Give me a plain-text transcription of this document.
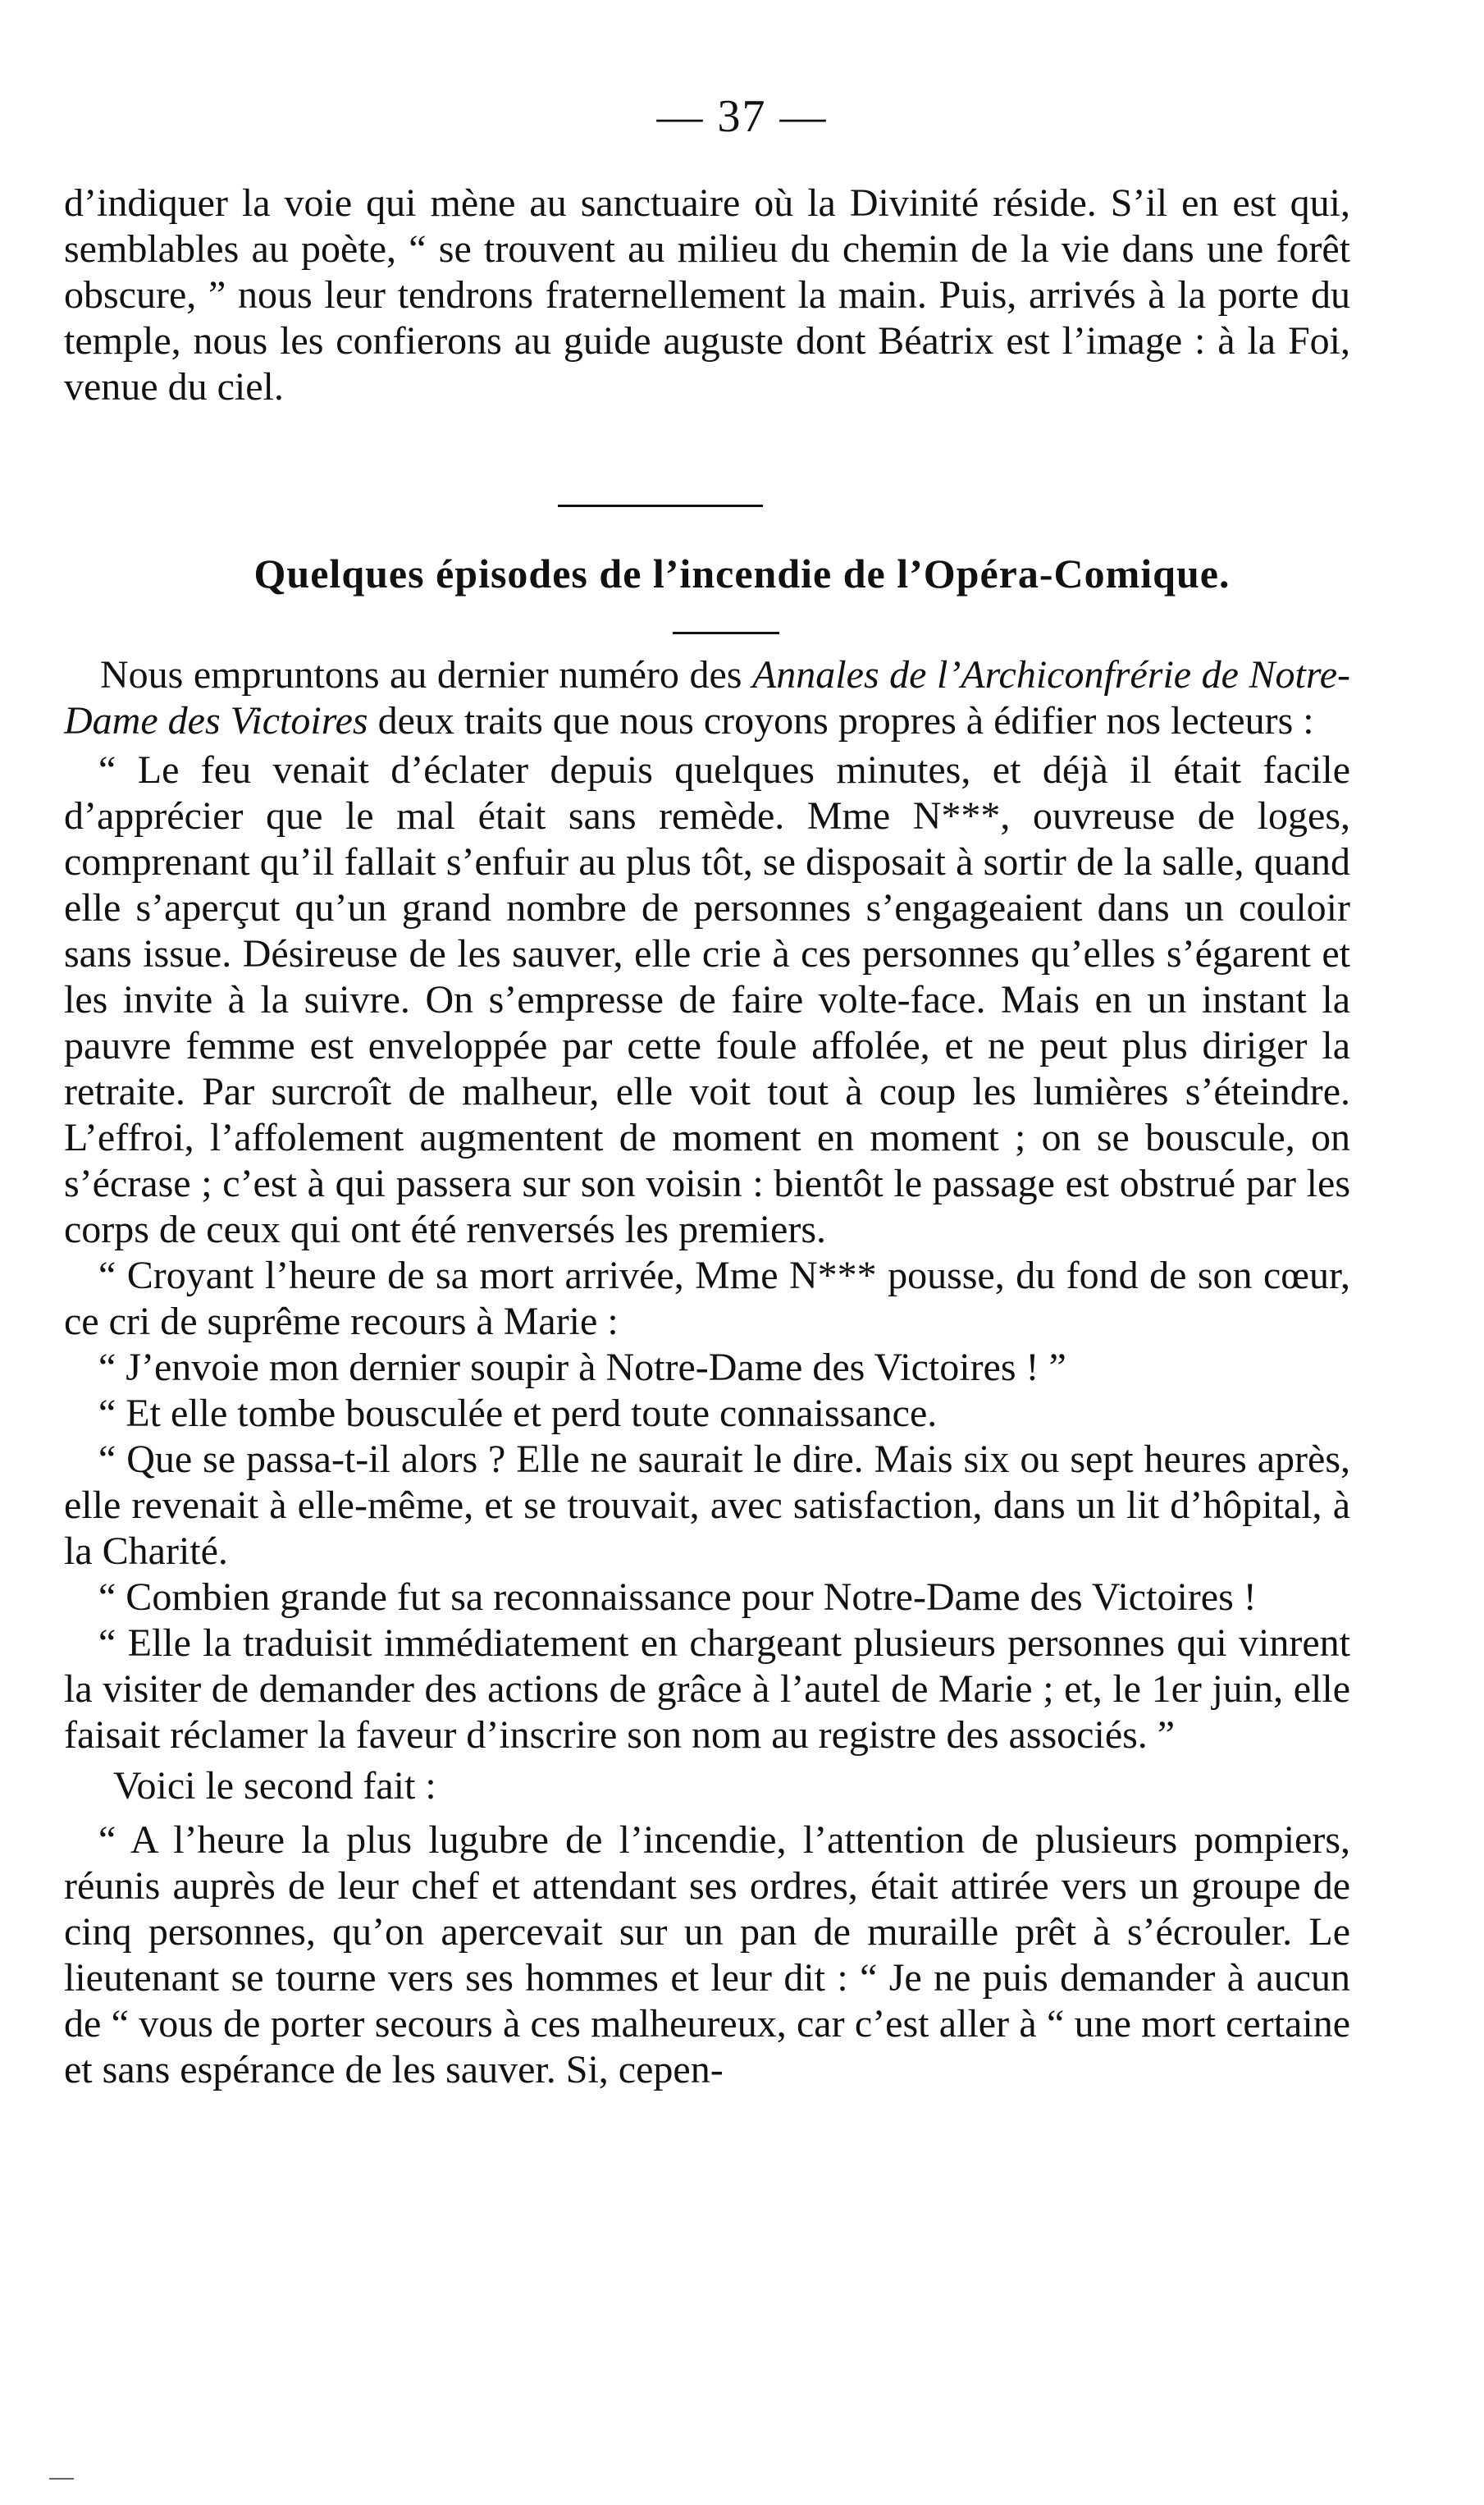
— 37 —

d’indiquer la voie qui mène au sanctuaire où la Divinité réside. S’il en est qui, semblables au poète, “ se trouvent au milieu du chemin de la vie dans une forêt obscure, ” nous leur tendrons fraternellement la main. Puis, arrivés à la porte du temple, nous les confierons au guide auguste dont Béatrix est l’image : à la Foi, venue du ciel.

Quelques épisodes de l’incendie de l’Opéra-Comique.

Nous empruntons au dernier numéro des Annales de l’Archiconfrérie de Notre-Dame des Victoires deux traits que nous croyons propres à édifier nos lecteurs :

“ Le feu venait d’éclater depuis quelques minutes, et déjà il était facile d’apprécier que le mal était sans remède. Mme N***, ouvreuse de loges, comprenant qu’il fallait s’enfuir au plus tôt, se disposait à sortir de la salle, quand elle s’aperçut qu’un grand nombre de personnes s’engageaient dans un couloir sans issue. Désireuse de les sauver, elle crie à ces personnes qu’elles s’égarent et les invite à la suivre. On s’empresse de faire volte-face. Mais en un instant la pauvre femme est enveloppée par cette foule affolée, et ne peut plus diriger la retraite. Par surcroît de malheur, elle voit tout à coup les lumières s’éteindre. L’effroi, l’affolement augmentent de moment en moment ; on se bouscule, on s’écrase ; c’est à qui passera sur son voisin : bientôt le passage est obstrué par les corps de ceux qui ont été renversés les premiers.

“ Croyant l’heure de sa mort arrivée, Mme N*** pousse, du fond de son cœur, ce cri de suprême recours à Marie :

“ J’envoie mon dernier soupir à Notre-Dame des Victoires ! ”

“ Et elle tombe bousculée et perd toute connaissance.

“ Que se passa-t-il alors ? Elle ne saurait le dire. Mais six ou sept heures après, elle revenait à elle-même, et se trouvait, avec satisfaction, dans un lit d’hôpital, à la Charité.

“ Combien grande fut sa reconnaissance pour Notre-Dame des Victoires !

“ Elle la traduisit immédiatement en chargeant plusieurs personnes qui vinrent la visiter de demander des actions de grâce à l’autel de Marie ; et, le 1er juin, elle faisait réclamer la faveur d’inscrire son nom au registre des associés. ”

Voici le second fait :

“ A l’heure la plus lugubre de l’incendie, l’attention de plusieurs pompiers, réunis auprès de leur chef et attendant ses ordres, était attirée vers un groupe de cinq personnes, qu’on apercevait sur un pan de muraille prêt à s’écrouler. Le lieutenant se tourne vers ses hommes et leur dit : “ Je ne puis demander à aucun de “ vous de porter secours à ces malheureux, car c’est aller à “ une mort certaine et sans espérance de les sauver. Si, cepen-
